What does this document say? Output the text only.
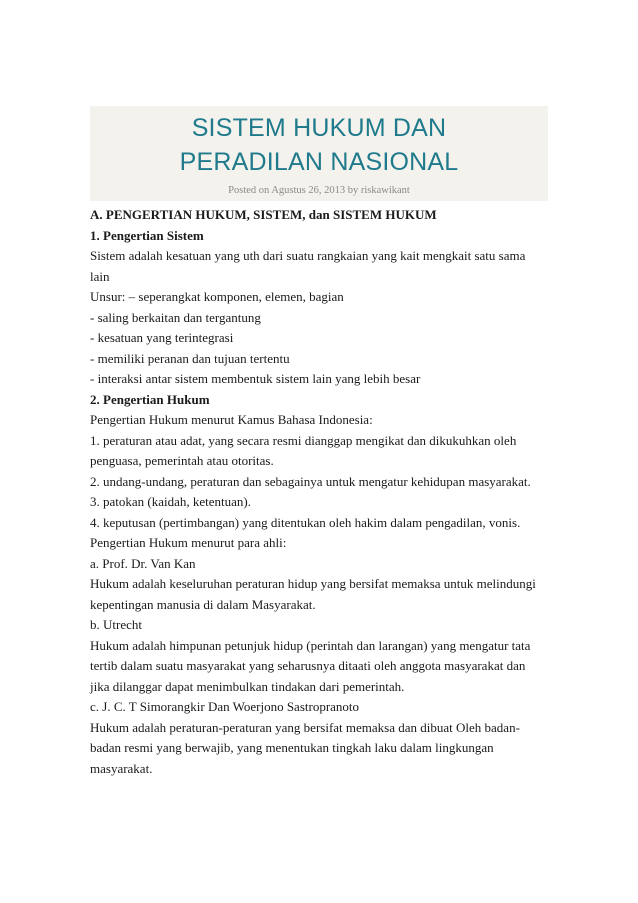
SISTEM HUKUM DAN
PERADILAN NASIONAL
Posted on Agustus 26, 2013 by riskawikant

A. PENGERTIAN HUKUM, SISTEM, dan SISTEM HUKUM

1. Pengertian Sistem

Sistem adalah kesatuan yang uth dari suatu rangkaian yang kait mengkait satu sama lain

Unsur: – seperangkat komponen, elemen, bagian

- saling berkaitan dan tergantung

- kesatuan yang terintegrasi

- memiliki peranan dan tujuan tertentu

- interaksi antar sistem membentuk sistem lain yang lebih besar

2. Pengertian Hukum

Pengertian Hukum menurut Kamus Bahasa Indonesia:

1. peraturan atau adat, yang secara resmi dianggap mengikat dan dikukuhkan oleh penguasa, pemerintah atau otoritas.

2. undang-undang, peraturan dan sebagainya untuk mengatur kehidupan masyarakat.

3. patokan (kaidah, ketentuan).

4. keputusan (pertimbangan) yang ditentukan oleh hakim dalam pengadilan, vonis.

Pengertian Hukum menurut para ahli:

a. Prof. Dr. Van Kan

Hukum adalah keseluruhan peraturan hidup yang bersifat memaksa untuk melindungi kepentingan manusia di dalam Masyarakat.

b. Utrecht

Hukum adalah himpunan petunjuk hidup (perintah dan larangan) yang mengatur tata tertib dalam suatu masyarakat yang seharusnya ditaati oleh anggota masyarakat dan jika dilanggar dapat menimbulkan tindakan dari pemerintah.

c. J. C. T Simorangkir Dan Woerjono Sastropranoto

Hukum adalah peraturan-peraturan yang bersifat memaksa dan dibuat Oleh badan-badan resmi yang berwajib, yang menentukan tingkah laku dalam lingkungan masyarakat.
